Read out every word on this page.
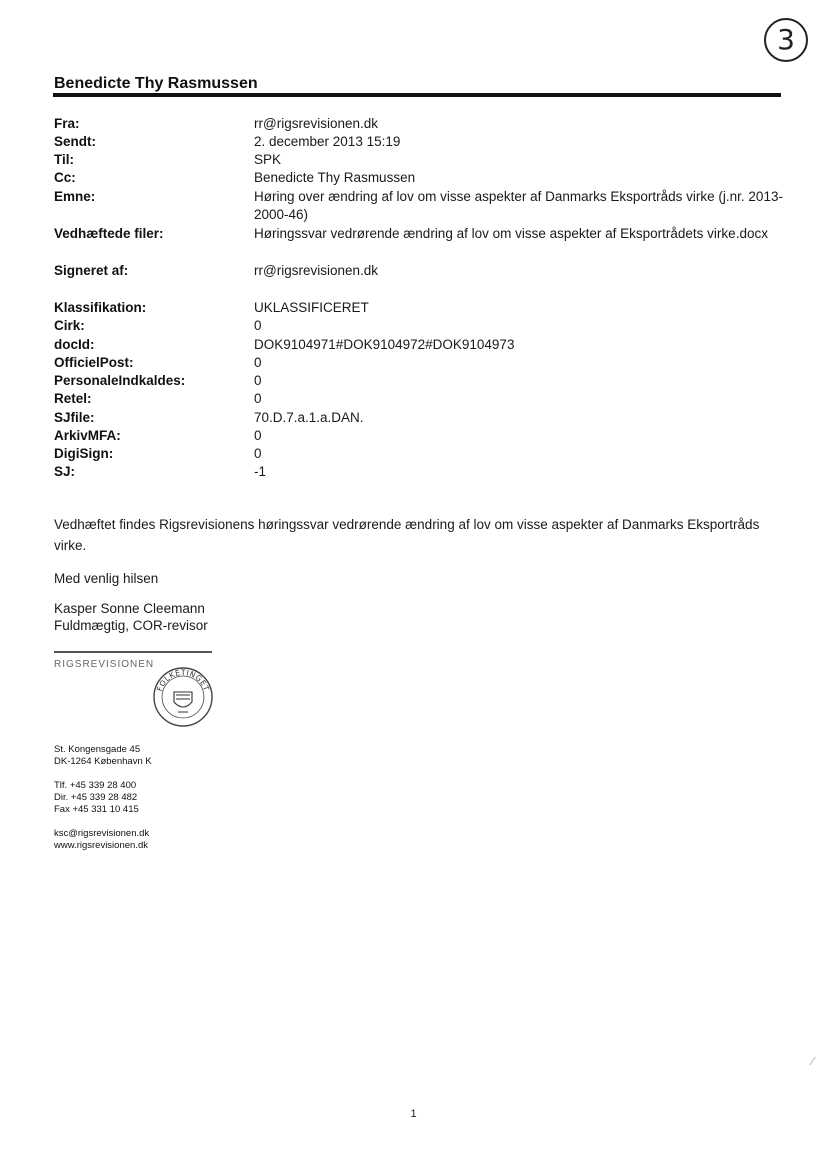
3
Benedicte Thy Rasmussen
Fra:	rr@rigsrevisionen.dk
Sendt:	2. december 2013 15:19
Til:	SPK
Cc:	Benedicte Thy Rasmussen
Emne:	Høring over ændring af lov om visse aspekter af Danmarks Eksportråds virke (j.nr. 2013-2000-46)
Vedhæftede filer:	Høringssvar vedrørende ændring af lov om visse aspekter af Eksportrådets virke.docx
Signeret af:	rr@rigsrevisionen.dk
Klassifikation:	UKLASSIFICERET
Cirk:	0
docId:	DOK9104971#DOK9104972#DOK9104973
OfficielPost:	0
PersonaleIndkaldes:	0
Retel:	0
SJfile:	70.D.7.a.1.a.DAN.
ArkivMFA:	0
DigiSign:	0
SJ:	-1
Vedhæftet findes Rigsrevisionens høringssvar vedrørende ændring af lov om visse aspekter af Danmarks Eksportråds virke.
Med venlig hilsen
Kasper Sonne Cleemann
Fuldmægtig, COR-revisor
RIGSREVISIONEN
FOLKETINGET
St. Kongensgade 45
DK-1264 København K
Tlf. +45 339 28 400
Dir. +45 339 28 482
Fax +45 331 10 415
ksc@rigsrevisionen.dk
www.rigsrevisionen.dk
1
